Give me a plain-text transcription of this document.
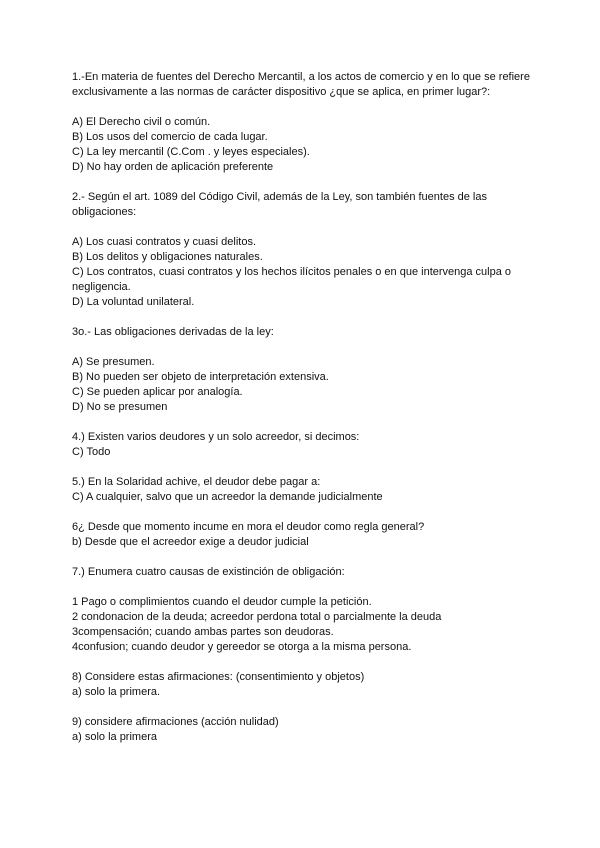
1.-En materia de fuentes del Derecho Mercantil, a los actos de comercio y en lo que se refiere exclusivamente a las normas de carácter dispositivo ¿que se aplica, en primer lugar?:
A) El Derecho civil o común.
B) Los usos del comercio de cada lugar.
C) La ley mercantil (C.Com . y leyes especiales).
D) No hay orden de aplicación preferente
2.- Según el art. 1089 del Código Civil, además de la Ley, son también fuentes de las obligaciones:
A) Los cuasi contratos y cuasi delitos.
B) Los delitos y obligaciones naturales.
C) Los contratos, cuasi contratos y los hechos ilícitos penales o en que intervenga culpa o negligencia.
D) La voluntad unilateral.
3o.- Las obligaciones derivadas de la ley:
A) Se presumen.
B) No pueden ser objeto de interpretación extensiva.
C) Se pueden aplicar por analogía.
D) No se presumen
4.) Existen varios deudores y un solo acreedor, si decimos:
C) Todo
5.) En la Solaridad achive, el deudor debe pagar a:
C) A cualquier, salvo que un acreedor la demande judicialmente
6¿ Desde que momento incume en mora el deudor como regla general?
b) Desde que el acreedor exige a deudor judicial
7.) Enumera cuatro causas de existinción de obligación:
1 Pago o complimientos cuando el deudor cumple la petición.
2 condonacion de la deuda; acreedor perdona total o parcialmente la deuda
3compensación; cuando ambas partes son deudoras.
4confusion; cuando deudor y gereedor se otorga a la misma persona.
8) Considere estas afirmaciones: (consentimiento y objetos)
a) solo la primera.
9) considere afirmaciones (acción nulidad)
a) solo la primera
